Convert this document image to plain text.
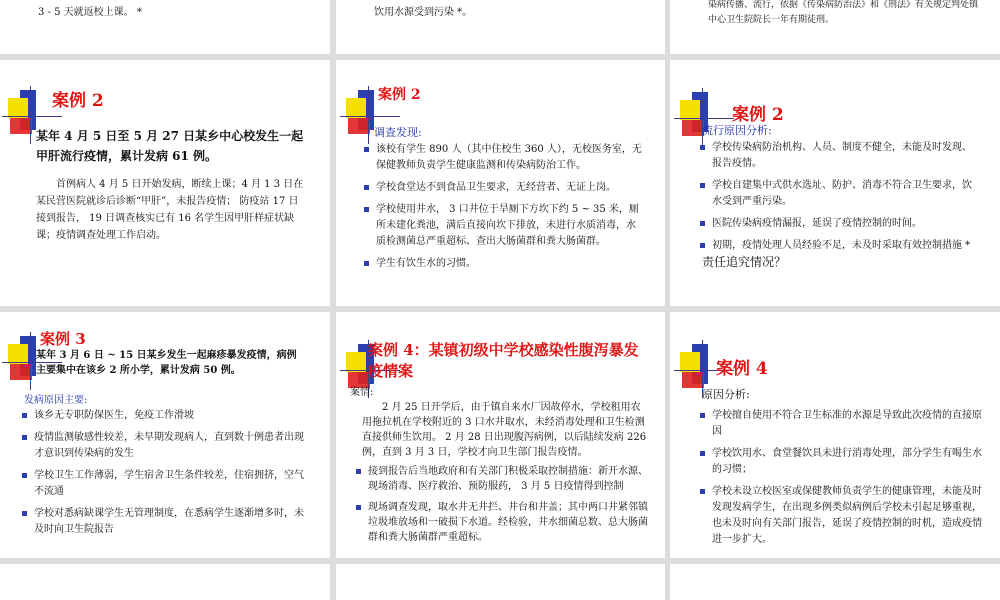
3 - 5 天就返校上课。 *	饮用水源受到污染 *。
染病传播、流行，依据《传染病防治法》和《刑法》有关规定判处镇中心卫生院院长一年有期徒刑。
案例 2
某年 4 月 5 日至 5 月 27 日某乡中心校发生一起甲肝流行疫情，累计发病 61 例。
首例病人 4 月 5 日开始发病，断续上课；4 月 1 3 日在某民营医院就诊后诊断“甲肝”，未报告疫情； 防疫站 17 日接到报告， 19 日调查核实已有 16 名学生因甲肝样症状缺课；疫情调查处理工作启动。
案例 2
调查发现:
该校有学生 890 人（其中住校生 360 人），无校医务室，无保健教师负责学生健康监测和传染病防治工作。
学校食堂达不到食品卫生要求，无经营者、无证上岗。
学校使用井水， 3 口井位于旱厕下方坎下约 5 ~ 35 米，厕所未建化粪池，满后直接向坎下排放，未进行水质消毒，水质检测菌总严重超标、查出大肠菌群和粪大肠菌群。
学生有饮生水的习惯。
案例 2
流行原因分析:
学校传染病防治机构、人员、制度不健全，未能及时发现、报告疫情。
学校自建集中式供水选址、防护、消毒不符合卫生要求，饮水受到严重污染。
医院传染病疫情漏报，延误了疫情控制的时间。
初期，疫情处理人员经验不足，未及时采取有效控制措施 *
责任追究情况？
案例 3
某年 3 月 6 日 ~ 15 日某乡发生一起麻疹暴发疫情，病例主要集中在该乡 2 所小学，累计发病 50 例。
发病原因主要:
该乡无专职防保医生，免疫工作滑坡
疫情监测敏感性较差，未早期发现病人，直到数十例患者出现才意识到传染病的发生
学校卫生工作薄弱，学生宿舍卫生条件较差，住宿拥挤，空气不流通
学校对悉病缺课学生无管理制度，在悉病学生逐渐增多时，未及时向卫生院报告
案例 4：某镇初级中学校感染性腹泻暴发疫情案
案情:
2 月 25 日开学后，由于镇自来水厂因故停水，学校租用农用拖拉机在学校附近的 3 口水井取水，未经消毒处理和卫生检测直接供师生饮用。 2 月 28 日出现腹泻病例，以后陆续发病 226 例，直到 3 月 3 日，学校才向卫生部门报告疫情。
接到报告后当地政府和有关部门积极采取控制措施：新开水源、现场消毒、医疗救治、预防服药， 3 月 5 日疫情得到控制
现场调查发现，取水井无井拦、井台和井盖；其中两口井紧邻镇垃圾堆放场和一破损下水道。经检验，井水细菌总数、总大肠菌群和粪大肠菌群严重超标。
案例 4
原因分析:
学校擅自使用不符合卫生标准的水源是导致此次疫情的直接原因
学校饮用水、食堂餐饮具未进行消毒处理，部分学生有喝生水的习惯；
学校未设立校医室或保健教师负责学生的健康管理，未能及时发现发病学生，在出现多例类似病例后学校未引起足够重视，也未及时向有关部门报告，延误了疫情控制的时机，造成疫情进一步扩大。
